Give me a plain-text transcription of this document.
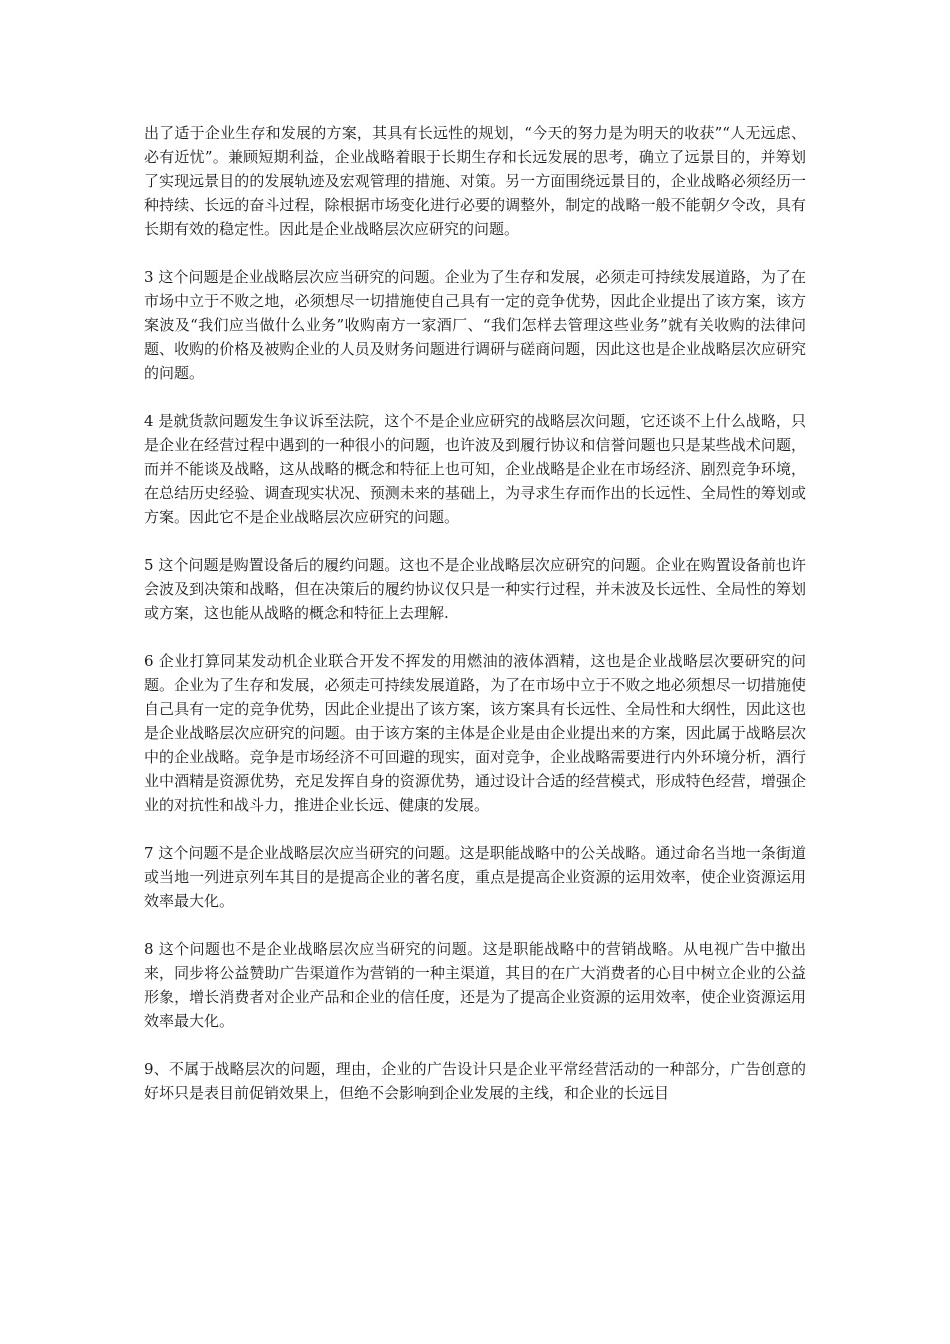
出了适于企业生存和发展的方案，其具有长远性的规划，“今天的努力是为明天的收获”“人无远虑、必有近忧”。兼顾短期利益，企业战略着眼于长期生存和长远发展的思考，确立了远景目的，并筹划了实现远景目的的发展轨迹及宏观管理的措施、对策。另一方面围绕远景目的，企业战略必须经历一种持续、长远的奋斗过程，除根据市场变化进行必要的调整外，制定的战略一般不能朝夕令改，具有长期有效的稳定性。因此是企业战略层次应研究的问题。

3 这个问题是企业战略层次应当研究的问题。企业为了生存和发展，必须走可持续发展道路，为了在市场中立于不败之地，必须想尽一切措施使自己具有一定的竞争优势，因此企业提出了该方案，该方案波及“我们应当做什么业务”收购南方一家酒厂、“我们怎样去管理这些业务”就有关收购的法律问题、收购的价格及被购企业的人员及财务问题进行调研与磋商问题，因此这也是企业战略层次应研究的问题。

4 是就货款问题发生争议诉至法院，这个不是企业应研究的战略层次问题，它还谈不上什么战略，只是企业在经营过程中遇到的一种很小的问题，也许波及到履行协议和信誉问题也只是某些战术问题，而并不能谈及战略，这从战略的概念和特征上也可知，企业战略是企业在市场经济、剧烈竞争环境，在总结历史经验、调查现实状况、预测未来的基础上，为寻求生存而作出的长远性、全局性的筹划或方案。因此它不是企业战略层次应研究的问题。

5 这个问题是购置设备后的履约问题。这也不是企业战略层次应研究的问题。企业在购置设备前也许会波及到决策和战略，但在决策后的履约协议仅只是一种实行过程，并未波及长远性、全局性的筹划或方案，这也能从战略的概念和特征上去理解.

6 企业打算同某发动机企业联合开发不挥发的用燃油的液体酒精，这也是企业战略层次要研究的问题。企业为了生存和发展，必须走可持续发展道路，为了在市场中立于不败之地必须想尽一切措施使自己具有一定的竞争优势，因此企业提出了该方案，该方案具有长远性、全局性和大纲性，因此这也是企业战略层次应研究的问题。由于该方案的主体是企业是由企业提出来的方案，因此属于战略层次中的企业战略。竞争是市场经济不可回避的现实，面对竞争，企业战略需要进行内外环境分析，酒行业中酒精是资源优势，充足发挥自身的资源优势，通过设计合适的经营模式，形成特色经营，增强企业的对抗性和战斗力，推进企业长远、健康的发展。

7 这个问题不是企业战略层次应当研究的问题。这是职能战略中的公关战略。通过命名当地一条街道或当地一列进京列车其目的是提高企业的著名度，重点是提高企业资源的运用效率，使企业资源运用效率最大化。

8 这个问题也不是企业战略层次应当研究的问题。这是职能战略中的营销战略。从电视广告中撤出来，同步将公益赞助广告渠道作为营销的一种主渠道，其目的在广大消费者的心目中树立企业的公益形象，增长消费者对企业产品和企业的信任度，还是为了提高企业资源的运用效率，使企业资源运用效率最大化。

9、不属于战略层次的问题，理由，企业的广告设计只是企业平常经营活动的一种部分，广告创意的好坏只是表目前促销效果上，但绝不会影响到企业发展的主线，和企业的长远目
